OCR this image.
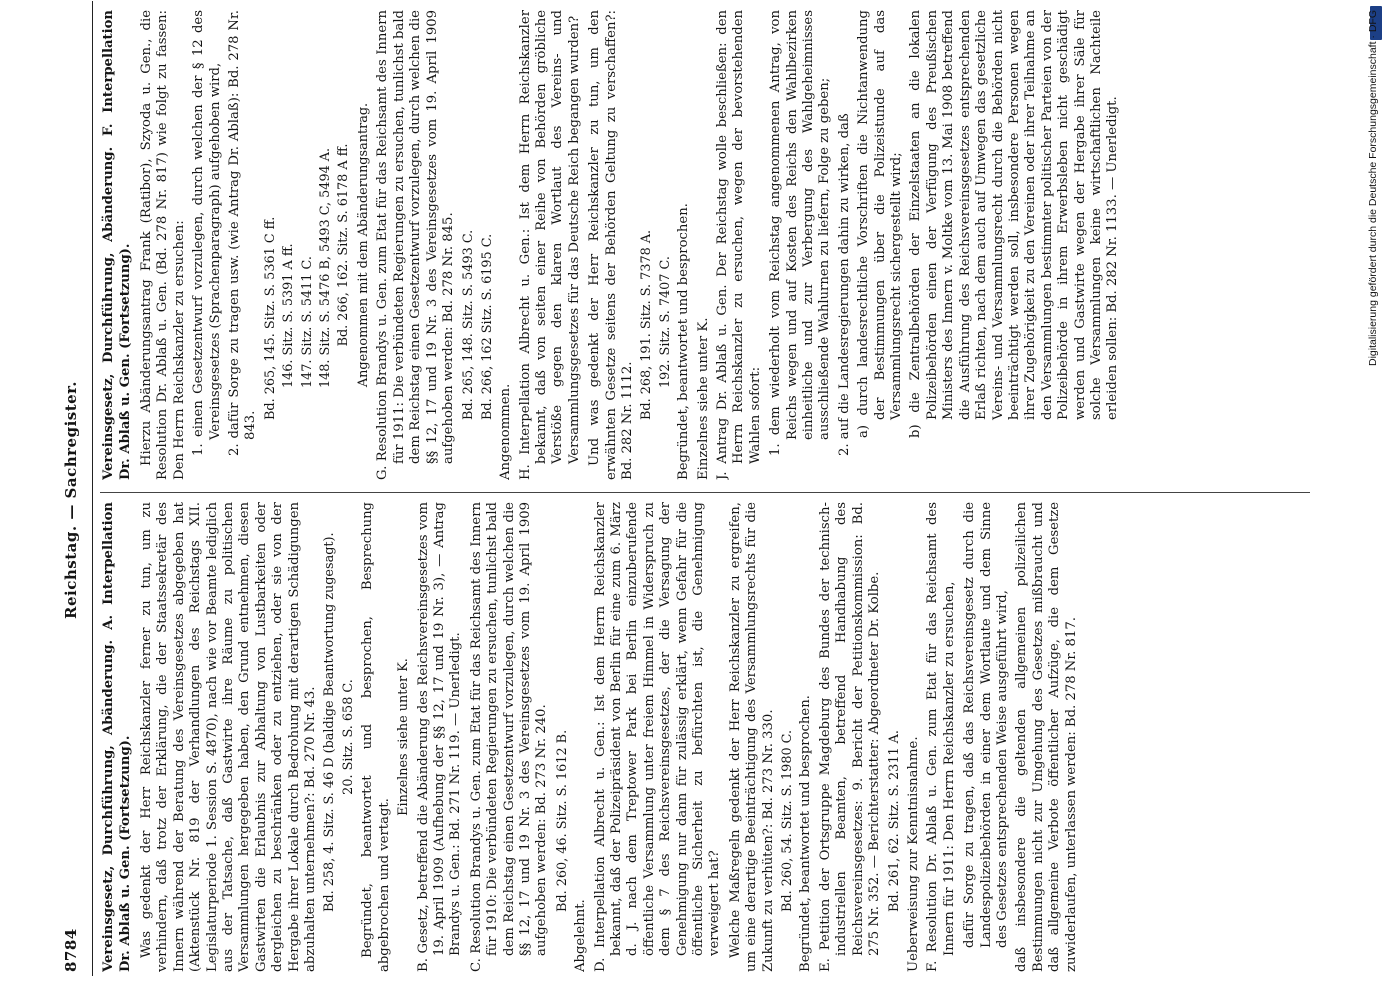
8784
Reichstag. — Sachregister.

Vereinsgesetz, Durchführung, Abänderung. A. Interpellation Dr. Ablaß u. Gen. (Fortsetzung). Was gedenkt der Herr Reichskanzler ferner zu tun, um zu verhindern, daß trotz der Erklärung, die der Staatssekretär des Innern während der Beratung des Vereinsgesetzes abgegeben hat (Aktenstück Nr. 819 der Verhandlungen des Reichstags XII. Legislaturperiode 1. Session S. 4870), nach wie vor Beamte lediglich aus der Tatsache, daß Gastwirte ihre Räume zu politischen Versammlungen hergegeben haben, den Grund entnehmen, diesen Gastwirten die Erlaubnis zur Abhaltung von Lustbarkeiten oder dergleichen zu beschränken oder zu entziehen, oder sie von der Hergabe ihrer Lokale durch Bedrohung mit derartigen Schädigungen abzuhalten unternehmen?: Bd. 270 Nr. 43. Bd. 258, 4. Sitz. S. 46 D (baldige Beantwortung zugesagt). 20. Sitz. S. 658 C. Begründet, beantwortet und besprochen, Besprechung abgebrochen und vertagt.

Einzelnes siehe unter K. B. Gesetz, betreffend die Abänderung des Reichsvereinsgesetzes vom 19. April 1909 (Aufhebung der §§ 12, 17 und 19 Nr. 3), — Antrag Brandys u. Gen.: Bd. 271 Nr. 119. — Unerledigt. C. Resolution Brandys u. Gen. zum Etat für das Reichsamt des Innern für 1910: Die verbündeten Regierungen zu ersuchen, tunlichst bald dem Reichstag einen Gesetzentwurf vorzulegen, durch welchen die §§ 12, 17 und 19 Nr. 3 des Vereinsgesetzes vom 19. April 1909 aufgehoben werden: Bd. 273 Nr. 240. Bd. 260, 46. Sitz. S. 1612 B.

Abgelehnt. D. Interpellation Albrecht u. Gen.: Ist dem Herrn Reichskanzler bekannt, daß der Polizeipräsident von Berlin für eine zum 6. März d. J. nach dem Treptower Park bei Berlin einzuberufende öffentliche Versammlung unter freiem Himmel in Widerspruch zu dem § 7 des Reichsvereinsgesetzes, der die Versagung der Genehmigung nur dann für zulässig erklärt, wenn Gefahr für die öffentliche Sicherheit zu befürchten ist, die Genehmigung verweigert hat? Welche Maßregeln gedenkt der Herr Reichskanzler zu ergreifen, um eine derartige Beeinträchtigung des Versammlungsrechts für die Zukunft zu verhüten?: Bd. 273 Nr. 330. Bd. 260, 54. Sitz. S. 1980 C. Begründet, beantwortet und besprochen. E. Petition der Ortsgruppe Magdeburg des Bundes der technisch-industriellen Beamten, betreffend Handhabung des Reichsvereinsgesetzes: 9. Bericht der Petitionskommission: Bd. 275 Nr. 352. — Berichterstatter: Abgeordneter Dr. Kolbe. Bd. 261, 62. Sitz. S. 2311 A. Ueberweisung zur Kenntnisnahme. F. Resolution Dr. Ablaß u. Gen. zum Etat für das Reichsamt des Innern für 1911: Den Herrn Reichskanzler zu ersuchen, dafür Sorge zu tragen, daß das Reichsvereinsgesetz durch die Landespolizeibehörden in einer dem Wortlaute und dem Sinne des Gesetzes entsprechenden Weise ausgeführt wird, daß insbesondere die geltenden allgemeinen polizeilichen Bestimmungen nicht zur Umgehung des Gesetzes mißbraucht und daß allgemeine Verbote öffentlicher Aufzüge, die dem Gesetze zuwiderlaufen, unterlassen werden: Bd. 278 Nr. 817.

Vereinsgesetz, Durchführung, Abänderung. F. Interpellation Dr. Ablaß u. Gen. (Fortsetzung). Hierzu Abänderungsantrag Frank (Ratibor), Szyoda u. Gen., die Resolution Dr. Ablaß u. Gen. (Bd. 278 Nr. 817) wie folgt zu fassen: Den Herrn Reichskanzler zu ersuchen: 1. einen Gesetzentwurf vorzulegen, durch welchen der § 12 des Vereinsgesetzes (Sprachenparagraph) aufgehoben wird, 2. dafür Sorge zu tragen usw. (wie Antrag Dr. Ablaß): Bd. 278 Nr. 843.

Bd. 265, 145. Sitz. S. 5361 C ff. 146. Sitz. S. 5391 A ff. 147. Sitz. S. 5411 C. 148. Sitz. S. 5476 B, 5493 C, 5494 A. Bd. 266, 162. Sitz. S. 6178 A ff. Angenommen mit dem Abänderungsantrag. G. Resolution Brandys u. Gen. zum Etat für das Reichsamt des Innern für 1911: Die verbündeten Regierungen zu ersuchen, tunlichst bald dem Reichstag einen Gesetzentwurf vorzulegen, durch welchen die §§ 12, 17 und 19 Nr. 3 des Vereinsgesetzes vom 19. April 1909 aufgehoben werden: Bd. 278 Nr. 845. Bd. 265, 148. Sitz. S. 5493 C. Bd. 266, 162 Sitz. S. 6195 C.

Angenommen. H. Interpellation Albrecht u. Gen.: Ist dem Herrn Reichskanzler bekannt, daß von seiten einer Reihe von Behörden gröbliche Verstöße gegen den klaren Wortlaut des Vereins- und Versammlungsgesetzes für das Deutsche Reich begangen wurden? Und was gedenkt der Herr Reichskanzler zu tun, um den erwähnten Gesetze seitens der Behörden Geltung zu verschaffen?: Bd. 282 Nr. 1112.

Bd. 268, 191. Sitz. S. 7378 A. 192. Sitz. S. 7407 C. Begründet, beantwortet und besprochen. Einzelnes siehe unter K. J. Antrag Dr. Ablaß u. Gen. Der Reichstag wolle beschließen: den Herrn Reichskanzler zu ersuchen, wegen der bevorstehenden Wahlen sofort: 1. dem wiederholt vom Reichstag angenommenen Antrag, von Reichs wegen und auf Kosten des Reichs den Wahlbezirken einheitliche und zur Verbergung des Wahlgeheimnisses ausschließende Wahlurnen zu liefern, Folge zu geben; 2. auf die Landesregierungen dahin zu wirken, daß a) durch landesrechtliche Vorschriften die Nichtanwendung der Bestimmungen über die Polizeistunde auf das Versammlungsrecht sichergestellt wird; b) die Zentralbehörden der Einzelstaaten an die lokalen Polizeibehörden einen der Verfügung des Preußischen Ministers des Innern v. Moltke vom 13. Mai 1908 betreffend die Ausführung des Reichsvereinsgesetzes entsprechenden Erlaß richten, nach dem auch auf Umwegen das gesetzliche Vereins- und Versammlungsrecht durch die Behörden nicht beeinträchtigt werden soll, insbesondere Personen wegen ihrer Zugehörigkeit zu den Vereinen oder ihrer Teilnahme an den Versammlungen bestimmter politischer Parteien von der Polizeibehörde in ihrem Erwerbsleben nicht geschädigt werden und Gastwirte wegen der Hergabe ihrer Säle für solche Versammlungen keine wirtschaftlichen Nachteile erleiden sollen: Bd. 282 Nr. 1133. — Unerledigt.	Digitalisierung gefördert durch die Deutsche Forschungsgemeinschaft · DFG
